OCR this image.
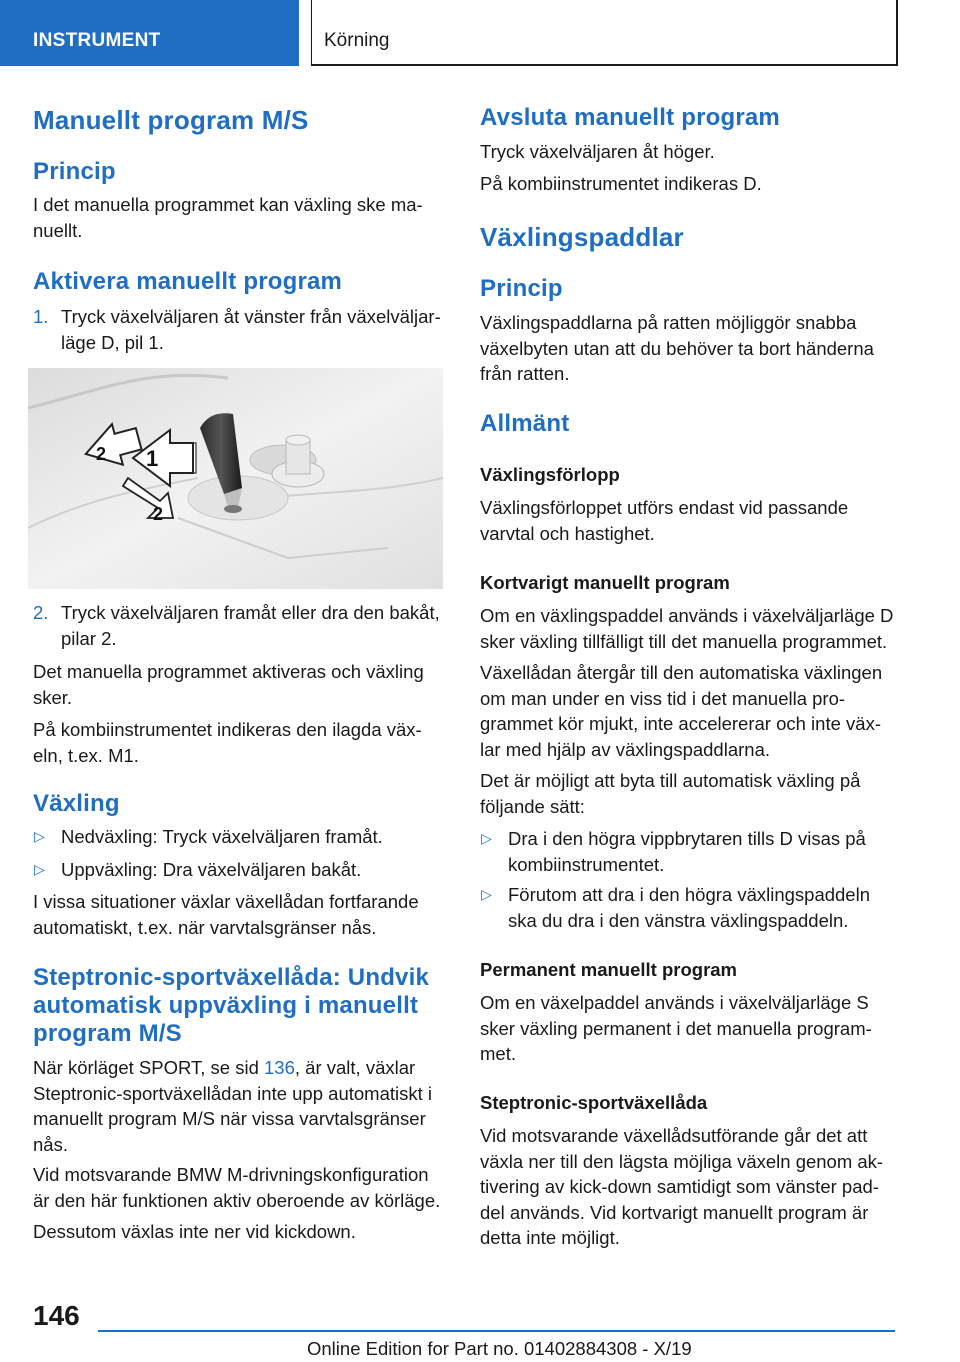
INSTRUMENT	Körning
Manuellt program M/S
Princip

I det manuella programmet kan växling ske ma-
nuellt.

Aktivera manuellt program
1. Tryck växelväljaren åt vänster från växelväljar-
läge D, pil 1.
1
2
2
2. Tryck växelväljaren framåt eller dra den bakåt,
pilar 2.

Det manuella programmet aktiveras och växling
sker.

På kombiinstrumentet indikeras den ilagda väx-
eln, t.ex. M1.

Växling
▷ Nedväxling: Tryck växelväljaren framåt.
▷ Uppväxling: Dra växelväljaren bakåt.

I vissa situationer växlar växellådan fortfarande
automatiskt, t.ex. när varvtalsgränser nås.

Steptronic-sportväxellåda: Undvik
automatisk uppväxling i manuellt
program M/S

När körläget SPORT, se sid 136, är valt, växlar
Steptronic-sportväxellådan inte upp automatiskt i
manuellt program M/S när vissa varvtalsgränser
nås.

Vid motsvarande BMW M-drivningskonfiguration
är den här funktionen aktiv oberoende av körläge.

Dessutom växlas inte ner vid kickdown.

Avsluta manuellt program

Tryck växelväljaren åt höger.

På kombiinstrumentet indikeras D.

Växlingspaddlar
Princip

Växlingspaddlarna på ratten möjliggör snabba
växelbyten utan att du behöver ta bort händerna
från ratten.

Allmänt
Växlingsförlopp

Växlingsförloppet utförs endast vid passande
varvtal och hastighet.

Kortvarigt manuellt program

Om en växlingspaddel används i växelväljarläge D
sker växling tillfälligt till det manuella programmet.

Växellådan återgår till den automatiska växlingen
om man under en viss tid i det manuella pro-
grammet kör mjukt, inte accelererar och inte väx-
lar med hjälp av växlingspaddlarna.

Det är möjligt att byta till automatisk växling på
följande sätt:

▷ Dra i den högra vippbrytaren tills D visas på
kombiinstrumentet.
▷ Förutom att dra i den högra växlingspaddeln
ska du dra i den vänstra växlingspaddeln.
Permanent manuellt program

Om en växelpaddel används i växelväljarläge S
sker växling permanent i det manuella program-
met.

Steptronic-sportväxellåda

Vid motsvarande växellådsutförande går det att
växla ner till den lägsta möjliga växeln genom ak-
tivering av kick-down samtidigt som vänster pad-
del används. Vid kortvarigt manuellt program är
detta inte möjligt.

146
Online Edition for Part no. 01402884308 - X/19
